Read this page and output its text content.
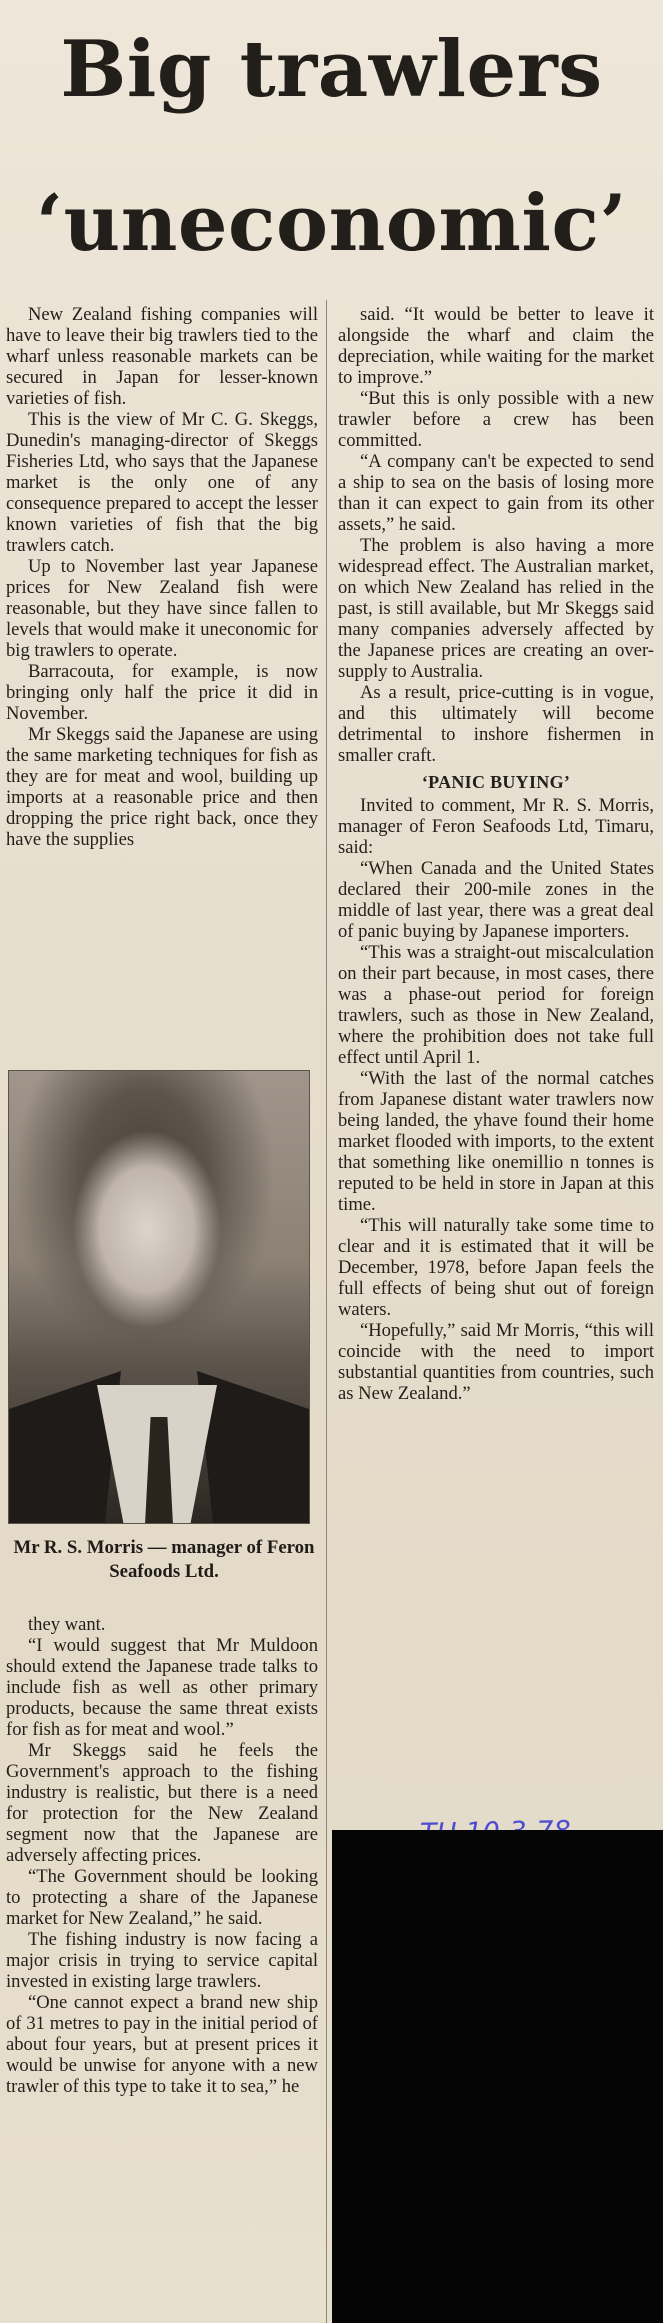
Big trawlers
‘uneconomic’

New Zealand fishing companies will have to leave their big trawlers tied to the wharf unless reasonable markets can be secured in Japan for lesser-known varieties of fish.

This is the view of Mr C. G. Skeggs, Dunedin's managing-director of Skeggs Fisheries Ltd, who says that the Japanese market is the only one of any consequence prepared to accept the lesser known varieties of fish that the big trawlers catch.

Up to November last year Japanese prices for New Zealand fish were reasonable, but they have since fallen to levels that would make it uneconomic for big trawlers to operate.

Barracouta, for example, is now bringing only half the price it did in November.

Mr Skeggs said the Japanese are using the same marketing techniques for fish as they are for meat and wool, building up imports at a reasonable price and then dropping the price right back, once they have the supplies

Mr R. S. Morris — manager of Feron Seafoods Ltd.

they want.

“I would suggest that Mr Muldoon should extend the Japanese trade talks to include fish as well as other primary products, because the same threat exists for fish as for meat and wool.”

Mr Skeggs said he feels the Government's approach to the fishing industry is realistic, but there is a need for protection for the New Zealand segment now that the Japanese are adversely affecting prices.

“The Government should be looking to protecting a share of the Japanese market for New Zealand,” he said.

The fishing industry is now facing a major crisis in trying to service capital invested in existing large trawlers.

“One cannot expect a brand new ship of 31 metres to pay in the initial period of about four years, but at present prices it would be unwise for anyone with a new trawler of this type to take it to sea,” he

said. “It would be better to leave it alongside the wharf and claim the depreciation, while waiting for the market to improve.”

“But this is only possible with a new trawler before a crew has been committed.

“A company can't be expected to send a ship to sea on the basis of losing more than it can expect to gain from its other assets,” he said.

The problem is also having a more widespread effect. The Australian market, on which New Zealand has relied in the past, is still available, but Mr Skeggs said many companies adversely affected by the Japanese prices are creating an over-supply to Australia.

As a result, price-cutting is in vogue, and this ultimately will become detrimental to inshore fishermen in smaller craft.

‘PANIC BUYING’

Invited to comment, Mr R. S. Morris, manager of Feron Seafoods Ltd, Timaru, said:

“When Canada and the United States declared their 200-mile zones in the middle of last year, there was a great deal of panic buying by Japanese importers.

“This was a straight-out miscalculation on their part because, in most cases, there was a phase-out period for foreign trawlers, such as those in New Zealand, where the prohibition does not take full effect until April 1.

“With the last of the normal catches from Japanese distant water trawlers now being landed, the yhave found their home market flooded with imports, to the extent that something like onemillio n tonnes is reputed to be held in store in Japan at this time.

“This will naturally take some time to clear and it is estimated that it will be December, 1978, before Japan feels the full effects of being shut out of foreign waters.

“Hopefully,” said Mr Morris, “this will coincide with the need to import substantial quantities from countries, such as New Zealand.”
